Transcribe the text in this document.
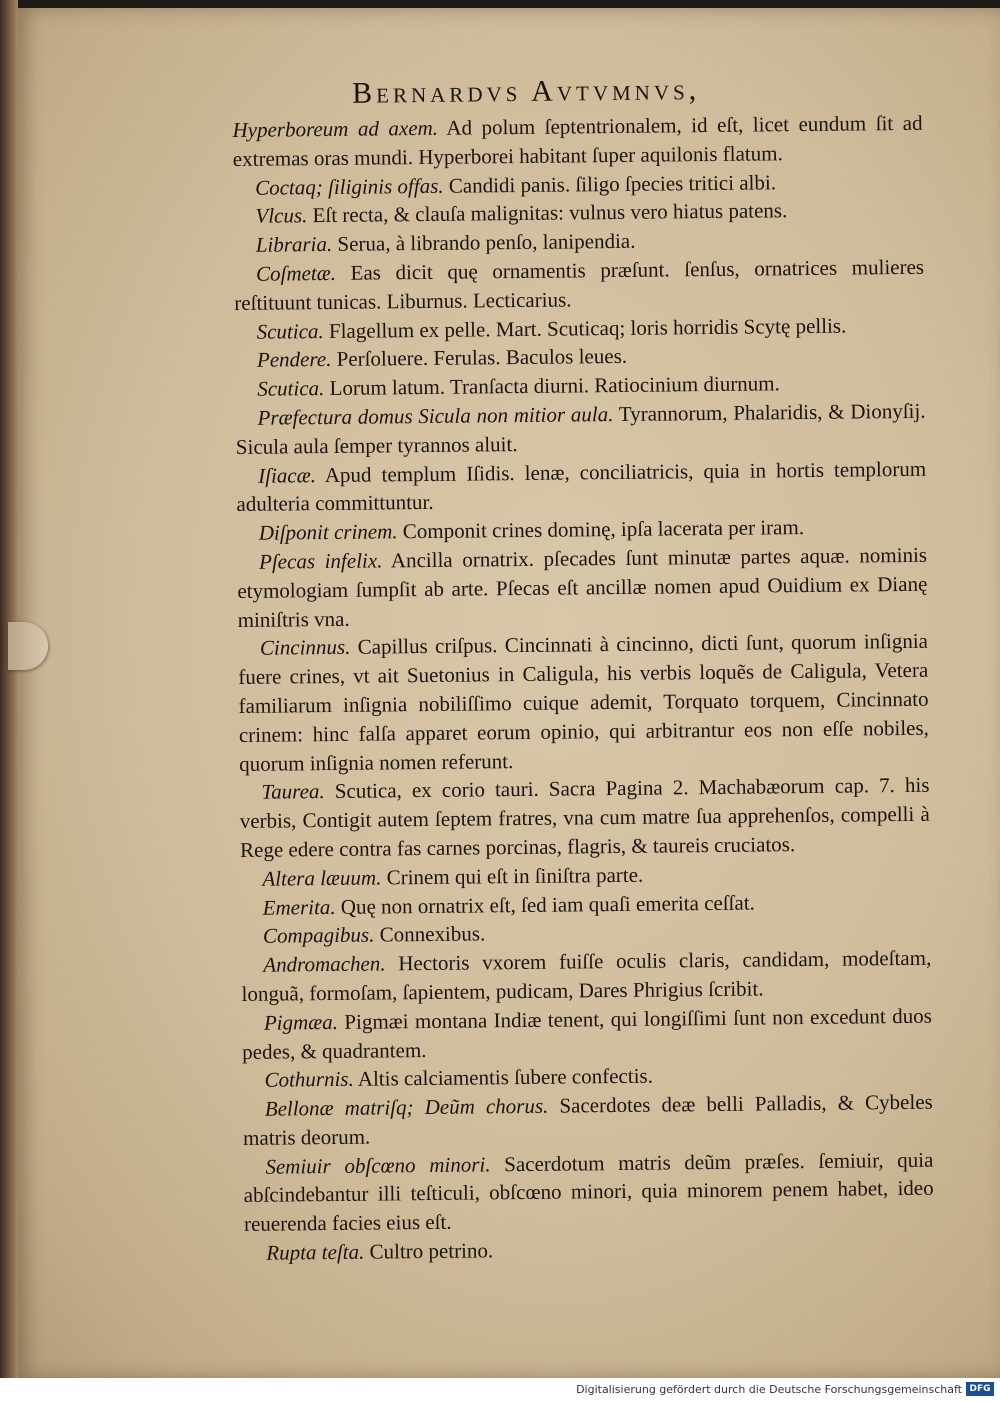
Bernardvs Avtvmnvs,
Hyperboreum ad axem. Ad polum ſeptentrionalem, id eſt, licet eundum ſit ad extremas oras mundi. Hyperborei habitant ſuper aquilonis flatum.
Coctaq; ſiliginis offas. Candidi panis. ſiligo ſpecies tritici albi.
Vlcus. Eſt recta, & clauſa malignitas: vulnus vero hiatus patens.
Libraria. Serua, à librando penſo, lanipendia.
Coſmetæ. Eas dicit quę ornamentis præſunt. ſenſus, ornatrices mulieres reſtituunt tunicas. Liburnus. Lecticarius.
Scutica. Flagellum ex pelle. Mart. Scuticaq; loris horridis Scytę pellis.
Pendere. Perſoluere. Ferulas. Baculos leues.
Scutica. Lorum latum. Tranſacta diurni. Ratiocinium diurnum.
Præfectura domus Sicula non mitior aula. Tyrannorum, Phalaridis, & Dionyſij. Sicula aula ſemper tyrannos aluit.
Iſiacæ. Apud templum Iſidis. lenæ, conciliatricis, quia in hortis templorum adulteria committuntur.
Diſponit crinem. Componit crines dominę, ipſa lacerata per iram.
Pſecas infelix. Ancilla ornatrix. pſecades ſunt minutæ partes aquæ. nominis etymologiam ſumpſit ab arte. Pſecas eſt ancillæ nomen apud Ouidium ex Dianę miniſtris vna.
Cincinnus. Capillus criſpus. Cincinnati à cincinno, dicti ſunt, quorum inſignia fuere crines, vt ait Suetonius in Caligula, his verbis loquẽs de Caligula, Vetera familiarum inſignia nobiliſſimo cuique ademit, Torquato torquem, Cincinnato crinem: hinc falſa apparet eorum opinio, qui arbitrantur eos non eſſe nobiles, quorum inſignia nomen referunt.
Taurea. Scutica, ex corio tauri. Sacra Pagina 2. Machabæorum cap. 7. his verbis, Contigit autem ſeptem fratres, vna cum matre ſua apprehenſos, compelli à Rege edere contra fas carnes porcinas, flagris, & taureis cruciatos.
Altera læuum. Crinem qui eſt in ſiniſtra parte.
Emerita. Quę non ornatrix eſt, ſed iam quaſi emerita ceſſat.
Compagibus. Connexibus.
Andromachen. Hectoris vxorem fuiſſe oculis claris, candidam, modeſtam, longuã, formoſam, ſapientem, pudicam, Dares Phrigius ſcribit.
Pigmæa. Pigmæi montana Indiæ tenent, qui longiſſimi ſunt non excedunt duos pedes, & quadrantem.
Cothurnis. Altis calciamentis ſubere confectis.
Bellonæ matriſq; Deũm chorus. Sacerdotes deæ belli Palladis, & Cybeles matris deorum.
Semiuir obſcœno minori. Sacerdotum matris deũm præſes. ſemiuir, quia abſcindebantur illi teſticuli, obſcœno minori, quia minorem penem habet, ideo reuerenda facies eius eſt.
Rupta teſta. Cultro petrino.
Digitalisierung gefördert durch die Deutsche Forschungsgemeinschaft DFG
